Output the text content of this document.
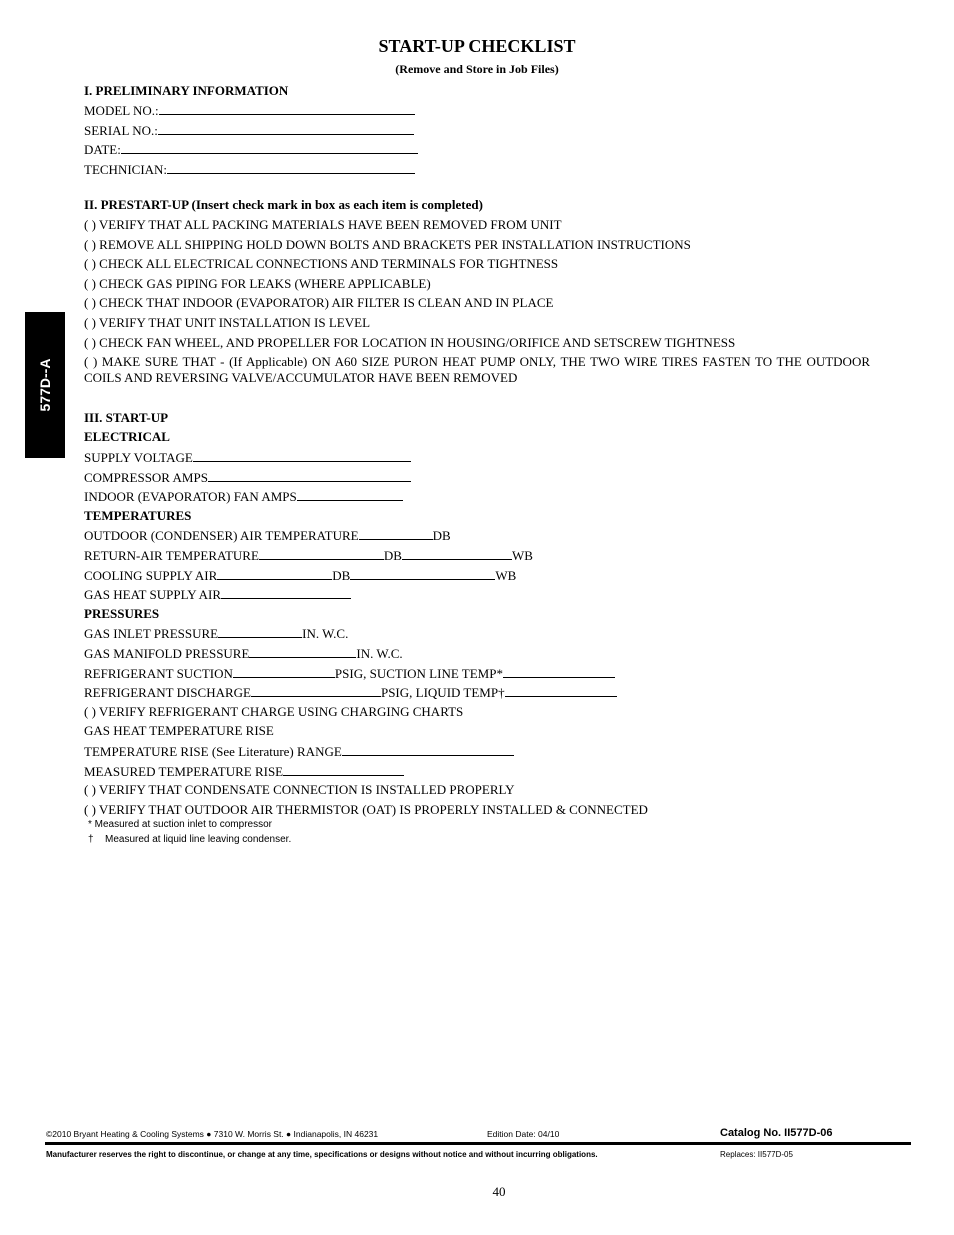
START-UP CHECKLIST
(Remove and Store in Job Files)
577D--A
I. PRELIMINARY INFORMATION
MODEL NO.:
SERIAL NO.:
DATE:
TECHNICIAN:
II. PRESTART-UP (Insert check mark in box as each item is completed)
( ) VERIFY THAT ALL PACKING MATERIALS HAVE BEEN REMOVED FROM UNIT
( ) REMOVE ALL SHIPPING HOLD DOWN BOLTS AND BRACKETS PER INSTALLATION INSTRUCTIONS
( ) CHECK ALL ELECTRICAL CONNECTIONS AND TERMINALS FOR TIGHTNESS
( ) CHECK GAS PIPING FOR LEAKS (WHERE APPLICABLE)
( ) CHECK THAT INDOOR (EVAPORATOR) AIR FILTER IS CLEAN AND IN PLACE
( ) VERIFY THAT UNIT INSTALLATION IS LEVEL
( ) CHECK FAN WHEEL, AND PROPELLER FOR LOCATION IN HOUSING/ORIFICE AND SETSCREW TIGHTNESS
( ) MAKE SURE THAT - (If Applicable) ON A60 SIZE PURON HEAT PUMP ONLY, THE TWO WIRE TIRES FASTEN TO THE OUTDOOR COILS AND REVERSING VALVE/ACCUMULATOR HAVE BEEN REMOVED
III. START-UP
ELECTRICAL
SUPPLY VOLTAGE
COMPRESSOR AMPS
INDOOR (EVAPORATOR) FAN AMPS
TEMPERATURES
OUTDOOR (CONDENSER) AIR TEMPERATURE	DB
RETURN-AIR TEMPERATURE	DB	WB
COOLING SUPPLY AIR	DB	WB
GAS HEAT SUPPLY AIR
PRESSURES
GAS INLET PRESSURE	IN. W.C.
GAS MANIFOLD PRESSURE	IN. W.C.
REFRIGERANT SUCTION	PSIG, SUCTION LINE TEMP*
REFRIGERANT DISCHARGE	PSIG, LIQUID TEMP†
( ) VERIFY REFRIGERANT CHARGE USING CHARGING CHARTS
GAS HEAT TEMPERATURE RISE
TEMPERATURE RISE (See Literature) RANGE
MEASURED TEMPERATURE RISE
( ) VERIFY THAT CONDENSATE CONNECTION IS INSTALLED PROPERLY
( ) VERIFY THAT OUTDOOR AIR THERMISTOR (OAT) IS PROPERLY INSTALLED & CONNECTED
* Measured at suction inlet to compressor
† Measured at liquid line leaving condenser.
©2010 Bryant Heating & Cooling Systems ● 7310 W. Morris St. ● Indianapolis, IN 46231	Edition Date: 04/10	Catalog No. II577D-06
Manufacturer reserves the right to discontinue, or change at any time, specifications or designs without notice and without incurring obligations.	Replaces: II577D-05
40
